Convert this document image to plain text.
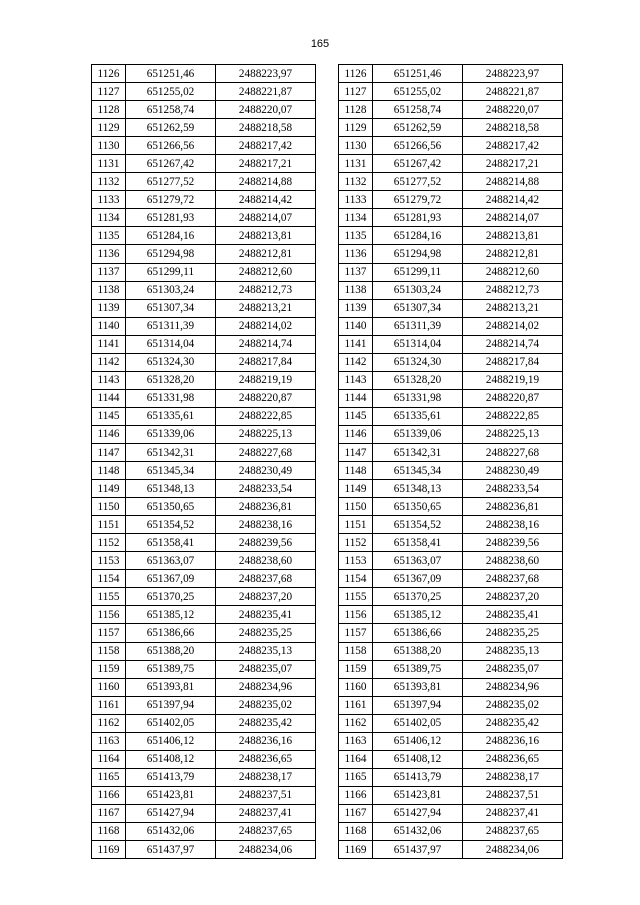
165
1126	651251,46	2488223,97
1127	651255,02	2488221,87
1128	651258,74	2488220,07
1129	651262,59	2488218,58
1130	651266,56	2488217,42
1131	651267,42	2488217,21
1132	651277,52	2488214,88
1133	651279,72	2488214,42
1134	651281,93	2488214,07
1135	651284,16	2488213,81
1136	651294,98	2488212,81
1137	651299,11	2488212,60
1138	651303,24	2488212,73
1139	651307,34	2488213,21
1140	651311,39	2488214,02
1141	651314,04	2488214,74
1142	651324,30	2488217,84
1143	651328,20	2488219,19
1144	651331,98	2488220,87
1145	651335,61	2488222,85
1146	651339,06	2488225,13
1147	651342,31	2488227,68
1148	651345,34	2488230,49
1149	651348,13	2488233,54
1150	651350,65	2488236,81
1151	651354,52	2488238,16
1152	651358,41	2488239,56
1153	651363,07	2488238,60
1154	651367,09	2488237,68
1155	651370,25	2488237,20
1156	651385,12	2488235,41
1157	651386,66	2488235,25
1158	651388,20	2488235,13
1159	651389,75	2488235,07
1160	651393,81	2488234,96
1161	651397,94	2488235,02
1162	651402,05	2488235,42
1163	651406,12	2488236,16
1164	651408,12	2488236,65
1165	651413,79	2488238,17
1166	651423,81	2488237,51
1167	651427,94	2488237,41
1168	651432,06	2488237,65
1169	651437,97	2488234,06
1126	651251,46	2488223,97
1127	651255,02	2488221,87
1128	651258,74	2488220,07
1129	651262,59	2488218,58
1130	651266,56	2488217,42
1131	651267,42	2488217,21
1132	651277,52	2488214,88
1133	651279,72	2488214,42
1134	651281,93	2488214,07
1135	651284,16	2488213,81
1136	651294,98	2488212,81
1137	651299,11	2488212,60
1138	651303,24	2488212,73
1139	651307,34	2488213,21
1140	651311,39	2488214,02
1141	651314,04	2488214,74
1142	651324,30	2488217,84
1143	651328,20	2488219,19
1144	651331,98	2488220,87
1145	651335,61	2488222,85
1146	651339,06	2488225,13
1147	651342,31	2488227,68
1148	651345,34	2488230,49
1149	651348,13	2488233,54
1150	651350,65	2488236,81
1151	651354,52	2488238,16
1152	651358,41	2488239,56
1153	651363,07	2488238,60
1154	651367,09	2488237,68
1155	651370,25	2488237,20
1156	651385,12	2488235,41
1157	651386,66	2488235,25
1158	651388,20	2488235,13
1159	651389,75	2488235,07
1160	651393,81	2488234,96
1161	651397,94	2488235,02
1162	651402,05	2488235,42
1163	651406,12	2488236,16
1164	651408,12	2488236,65
1165	651413,79	2488238,17
1166	651423,81	2488237,51
1167	651427,94	2488237,41
1168	651432,06	2488237,65
1169	651437,97	2488234,06
